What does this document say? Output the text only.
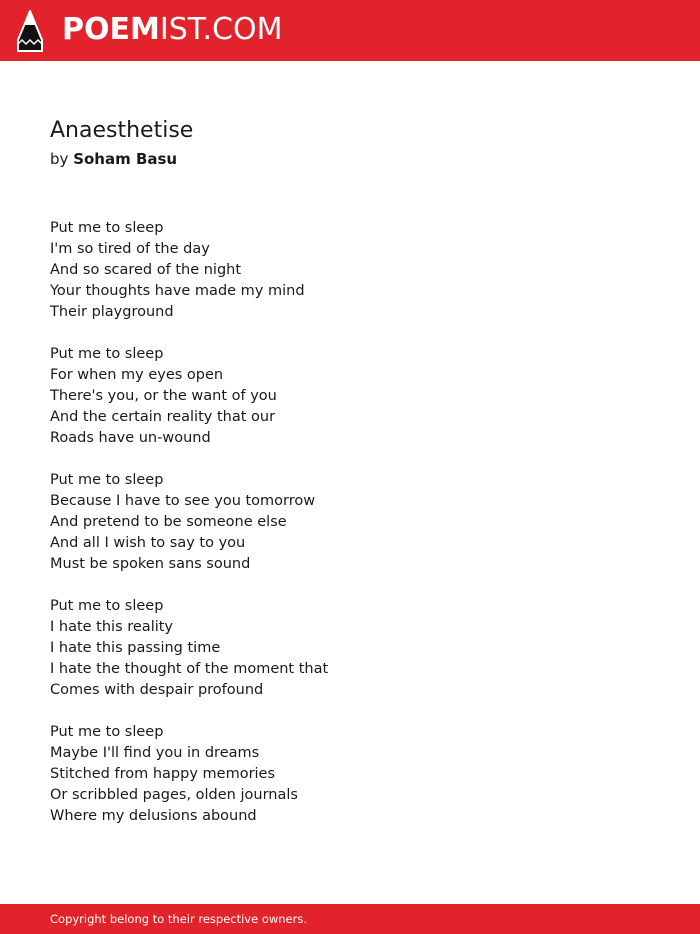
POEMIST.COM
Anaesthetise
by Soham Basu
Put me to sleep
I'm so tired of the day
And so scared of the night
Your thoughts have made my mind
Their playground
Put me to sleep
For when my eyes open
There's you, or the want of you
And the certain reality that our
Roads have un-wound
Put me to sleep
Because I have to see you tomorrow
And pretend to be someone else
And all I wish to say to you
Must be spoken sans sound
Put me to sleep
I hate this reality
I hate this passing time
I hate the thought of the moment that
Comes with despair profound
Put me to sleep
Maybe I'll find you in dreams
Stitched from happy memories
Or scribbled pages, olden journals
Where my delusions abound
Copyright belong to their respective owners.
